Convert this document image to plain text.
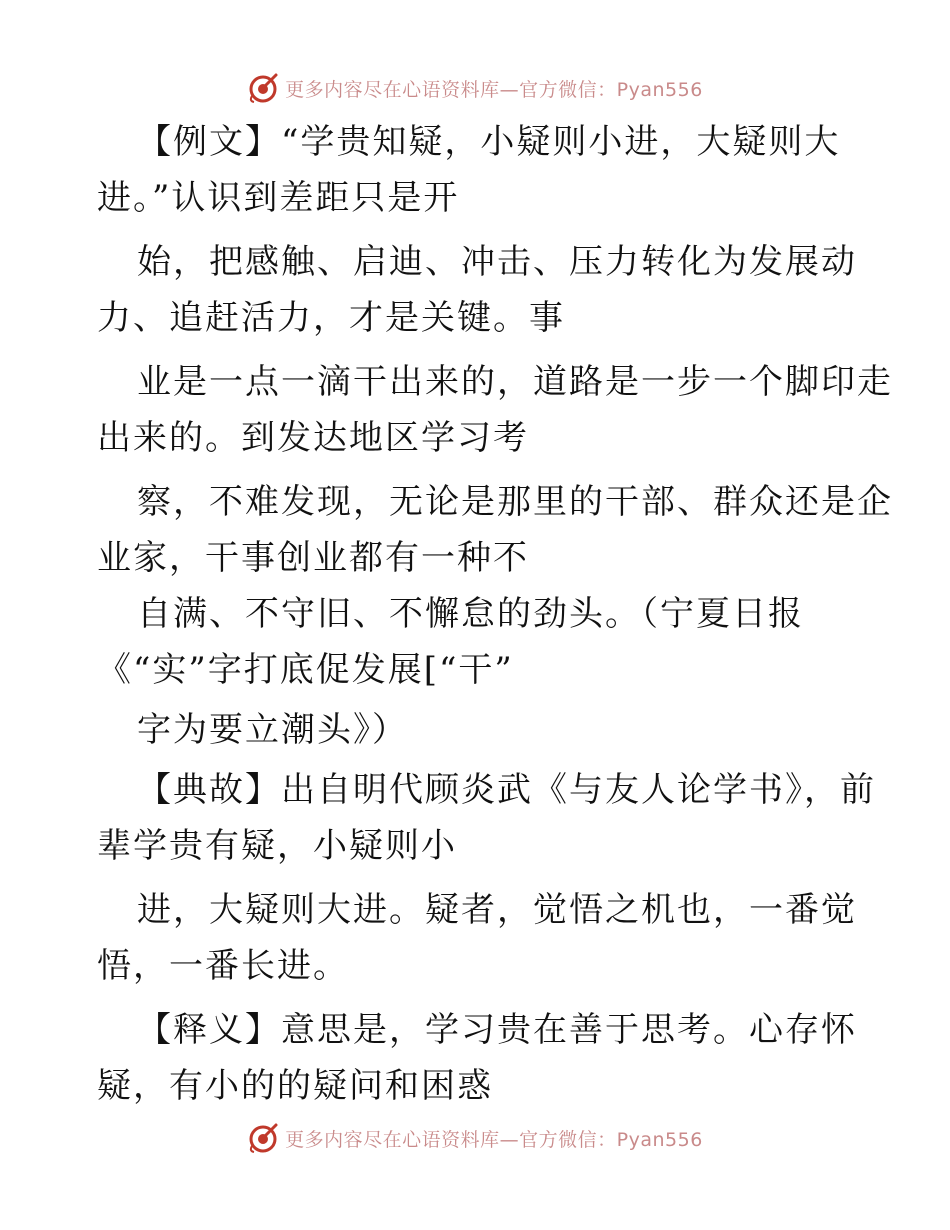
更多内容尽在心语资料库—官方微信：Pyan556
【例文】“学贵知疑，小疑则小进，大疑则大
进。”认识到差距只是开
始，把感触、启迪、冲击、压力转化为发展动
力、追赶活力，才是关键。事
业是一点一滴干出来的，道路是一步一个脚印走
出来的。到发达地区学习考
察，不难发现，无论是那里的干部、群众还是企
业家，干事创业都有一种不
自满、不守旧、不懈怠的劲头。（宁夏日报
《“实”字打底促发展[“干”
字为要立潮头》）
【典故】出自明代顾炎武《与友人论学书》，前
辈学贵有疑，小疑则小
进，大疑则大进。疑者，觉悟之机也，一番觉
悟，一番长进。
【释义】意思是，学习贵在善于思考。心存怀
疑，有小的的疑问和困惑
更多内容尽在心语资料库—官方微信：Pyan556
